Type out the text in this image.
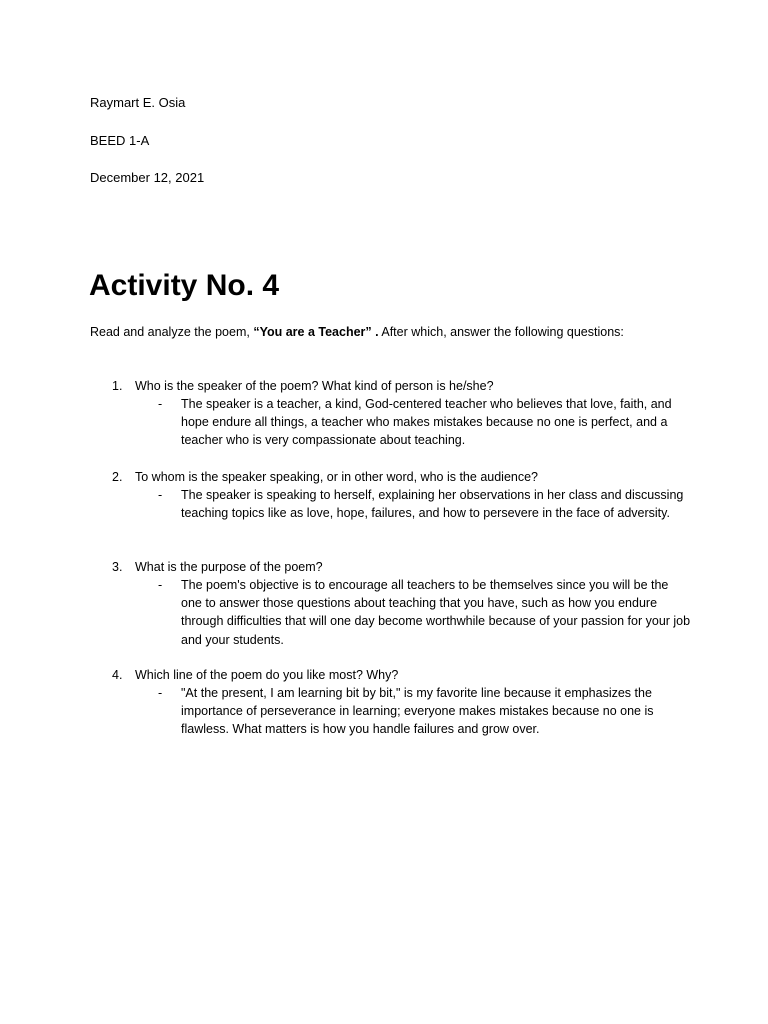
Raymart E. Osia
BEED 1-A
December 12, 2021
Activity No. 4
Read and analyze the poem, “You are a Teacher” . After which, answer the following questions:
1. Who is the speaker of the poem? What kind of person is he/she?
- The speaker is a teacher, a kind, God-centered teacher who believes that love, faith, and hope endure all things, a teacher who makes mistakes because no one is perfect, and a teacher who is very compassionate about teaching.
2. To whom is the speaker speaking, or in other word, who is the audience?
- The speaker is speaking to herself, explaining her observations in her class and discussing teaching topics like as love, hope, failures, and how to persevere in the face of adversity.
3. What is the purpose of the poem?
- The poem's objective is to encourage all teachers to be themselves since you will be the one to answer those questions about teaching that you have, such as how you endure through difficulties that will one day become worthwhile because of your passion for your job and your students.
4. Which line of the poem do you like most? Why?
- "At the present, I am learning bit by bit," is my favorite line because it emphasizes the importance of perseverance in learning; everyone makes mistakes because no one is flawless. What matters is how you handle failures and grow over.
